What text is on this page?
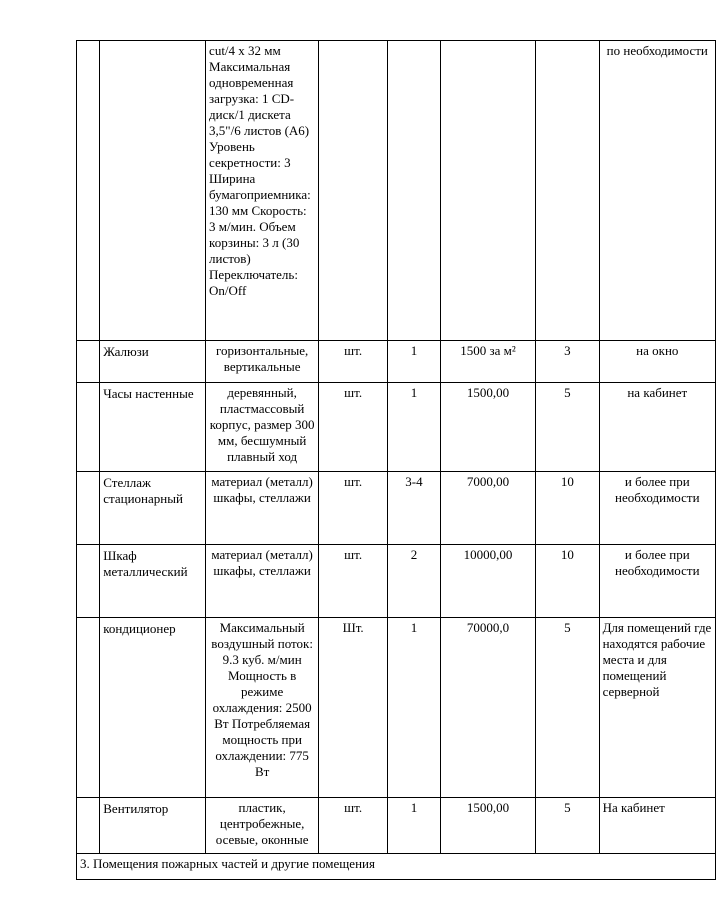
		cut/4 x 32 мм Максимальная одновременная загрузка: 1 CD-диск/1 дискета 3,5"/6 листов (А6) Уровень секретности: 3 Ширина бумагоприемника: 130 мм Скорость: 3 м/мин. Объем корзины: 3 л (30 листов) Переключатель: On/Off					по необходимости
	Жалюзи	горизонтальные, вертикальные	шт.	1	1500 за м²	3	на окно
	Часы настенные	деревянный, пластмассовый корпус, размер 300 мм, бесшумный плавный ход	шт.	1	1500,00	5	на кабинет
	Стеллаж стационарный	материал (металл) шкафы, стеллажи	шт.	3-4	7000,00	10	и более при необходимости
	Шкаф металлический	материал (металл) шкафы, стеллажи	шт.	2	10000,00	10	и более при необходимости
	кондиционер	Максимальный воздушный поток: 9.3 куб. м/мин Мощность в режиме охлаждения: 2500 Вт Потребляемая мощность при охлаждении: 775 Вт	Шт.	1	70000,0	5	Для помещений где находятся рабочие места и для помещений серверной
	Вентилятор	пластик, центробежные, осевые, оконные	шт.	1	1500,00	5	На кабинет
3. Помещения пожарных частей и другие помещения							
